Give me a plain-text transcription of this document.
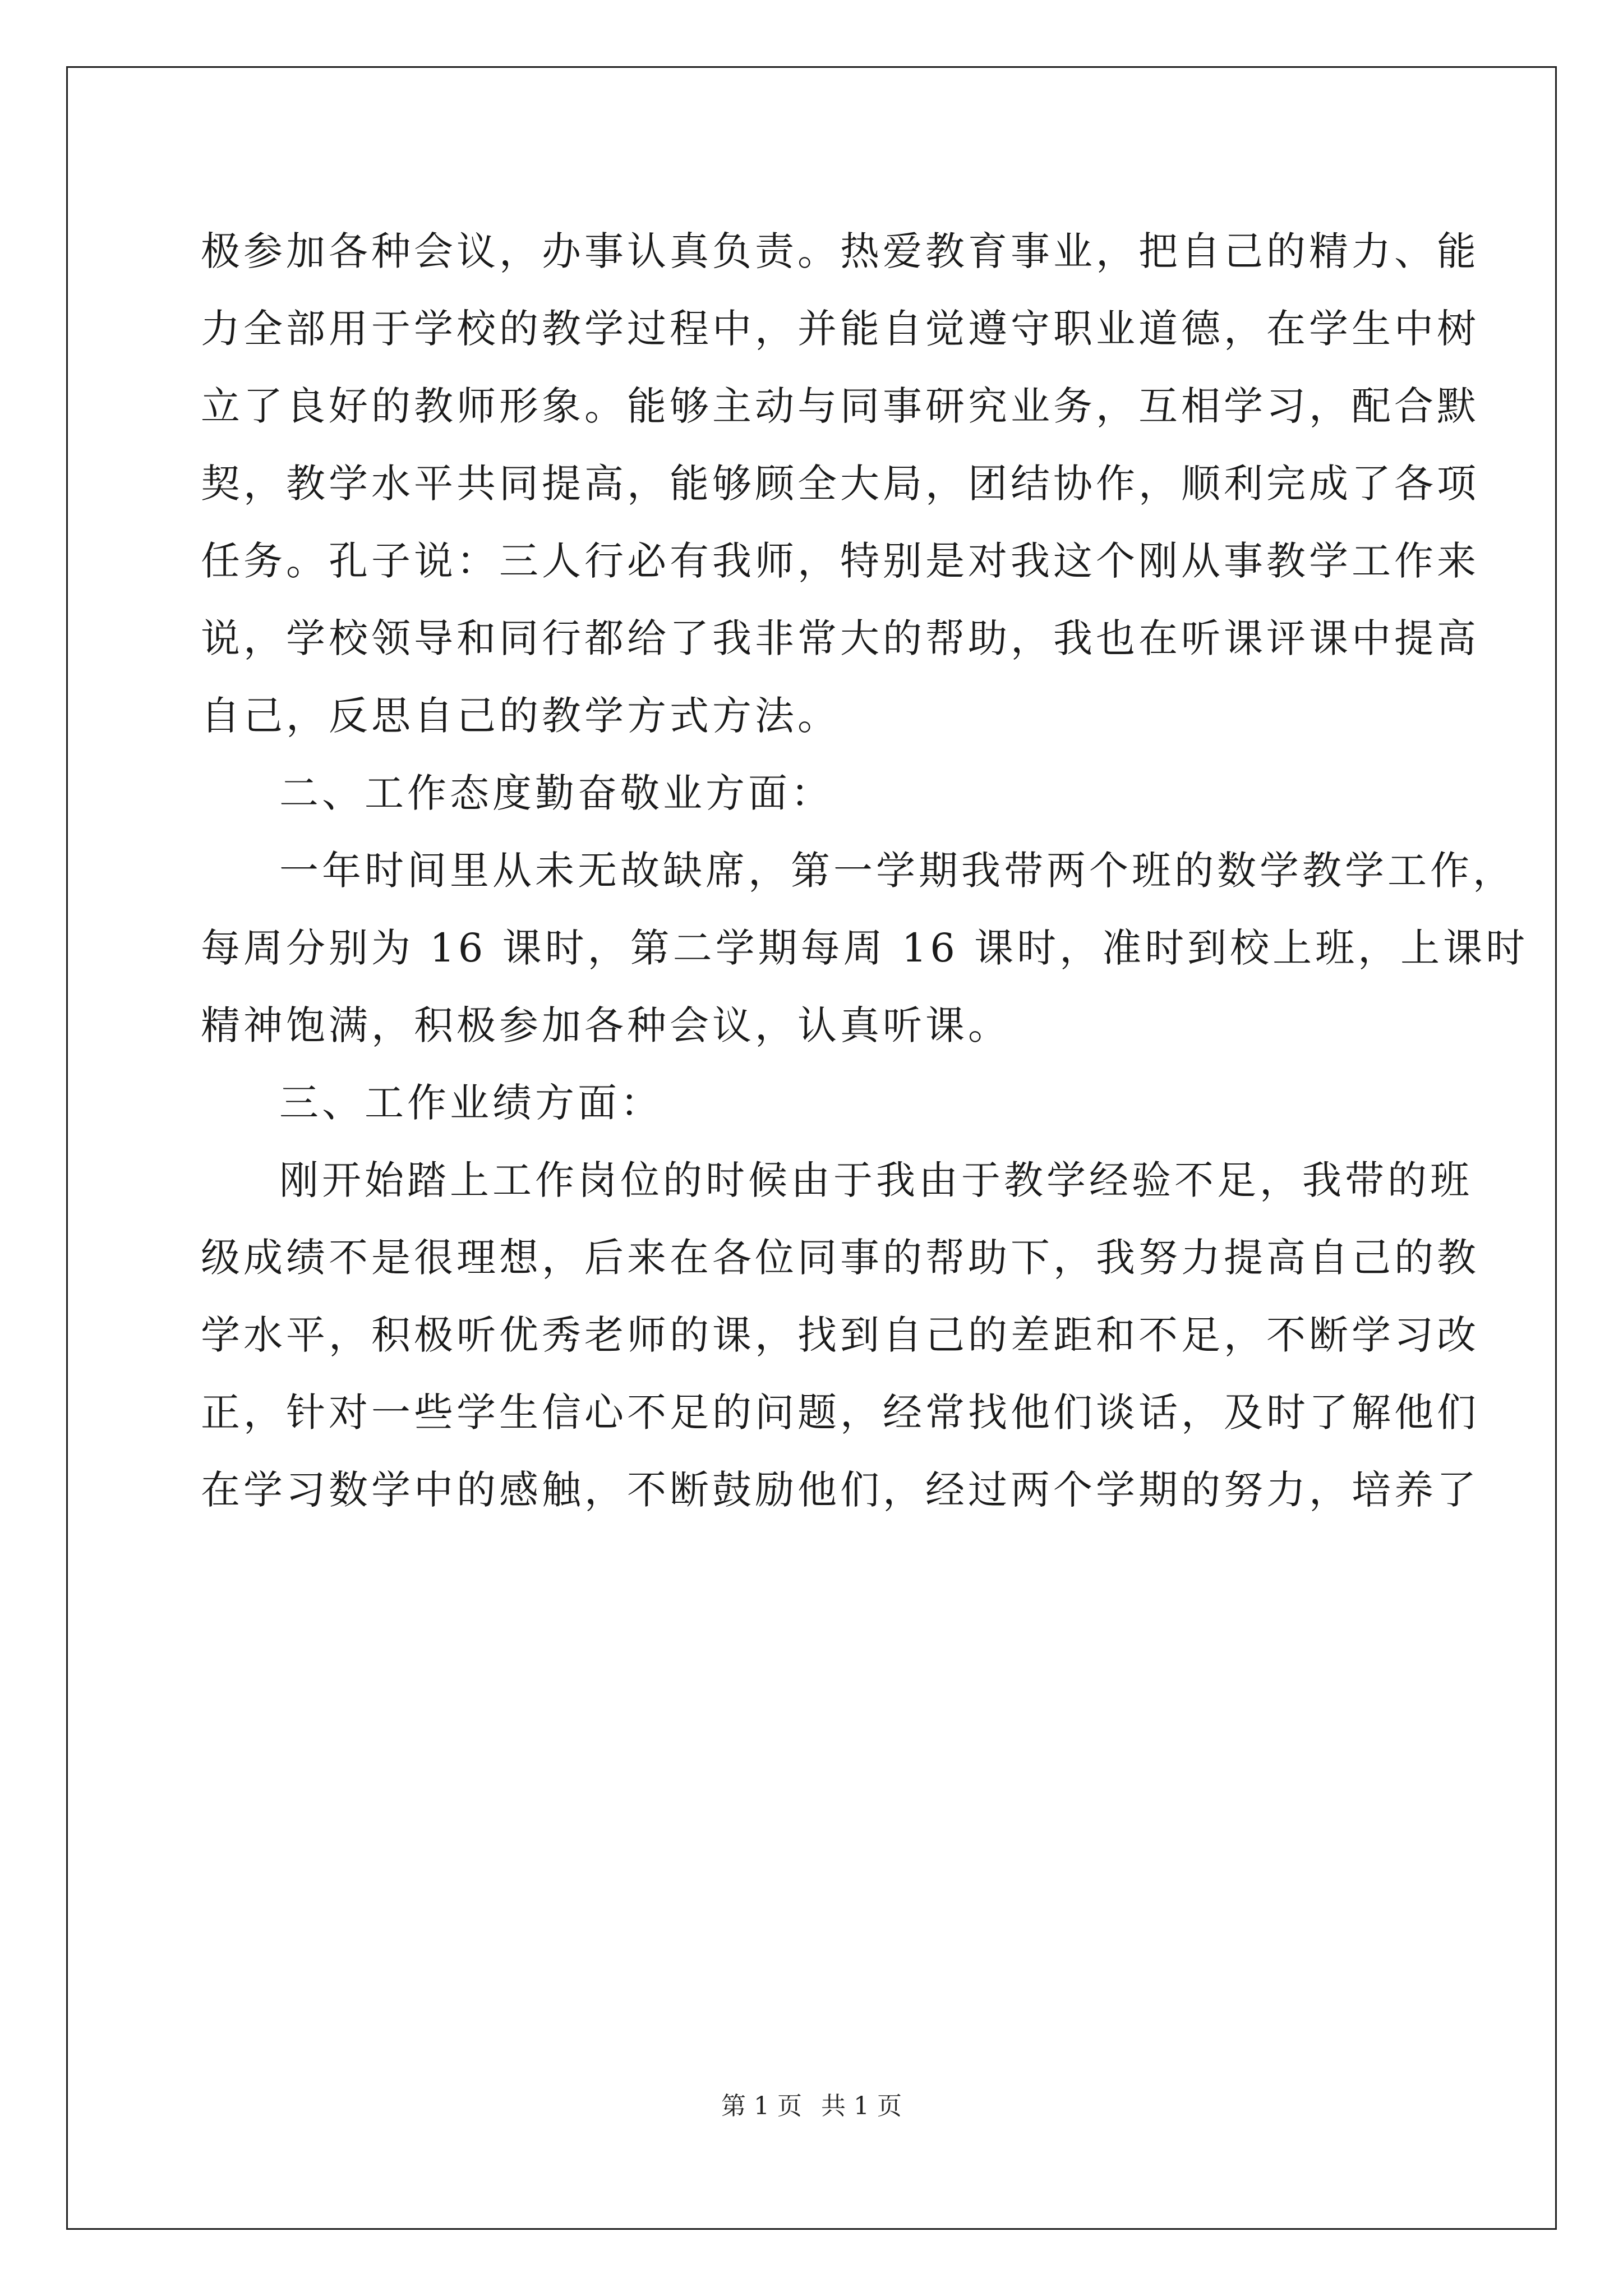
极参加各种会议，办事认真负责。热爱教育事业，把自己的精力、能
力全部用于学校的教学过程中，并能自觉遵守职业道德，在学生中树
立了良好的教师形象。能够主动与同事研究业务，互相学习，配合默
契，教学水平共同提高，能够顾全大局，团结协作，顺利完成了各项
任务。孔子说：三人行必有我师，特别是对我这个刚从事教学工作来
说，学校领导和同行都给了我非常大的帮助，我也在听课评课中提高
自己，反思自己的教学方式方法。
二、工作态度勤奋敬业方面：
一年时间里从未无故缺席，第一学期我带两个班的数学教学工作，
每周分别为 16 课时，第二学期每周 16 课时，准时到校上班，上课时
精神饱满，积极参加各种会议，认真听课。
三、工作业绩方面：
刚开始踏上工作岗位的时候由于我由于教学经验不足，我带的班
级成绩不是很理想，后来在各位同事的帮助下，我努力提高自己的教
学水平，积极听优秀老师的课，找到自己的差距和不足，不断学习改
正，针对一些学生信心不足的问题，经常找他们谈话，及时了解他们
在学习数学中的感触，不断鼓励他们，经过两个学期的努力，培养了
第 1 页 共 1 页
